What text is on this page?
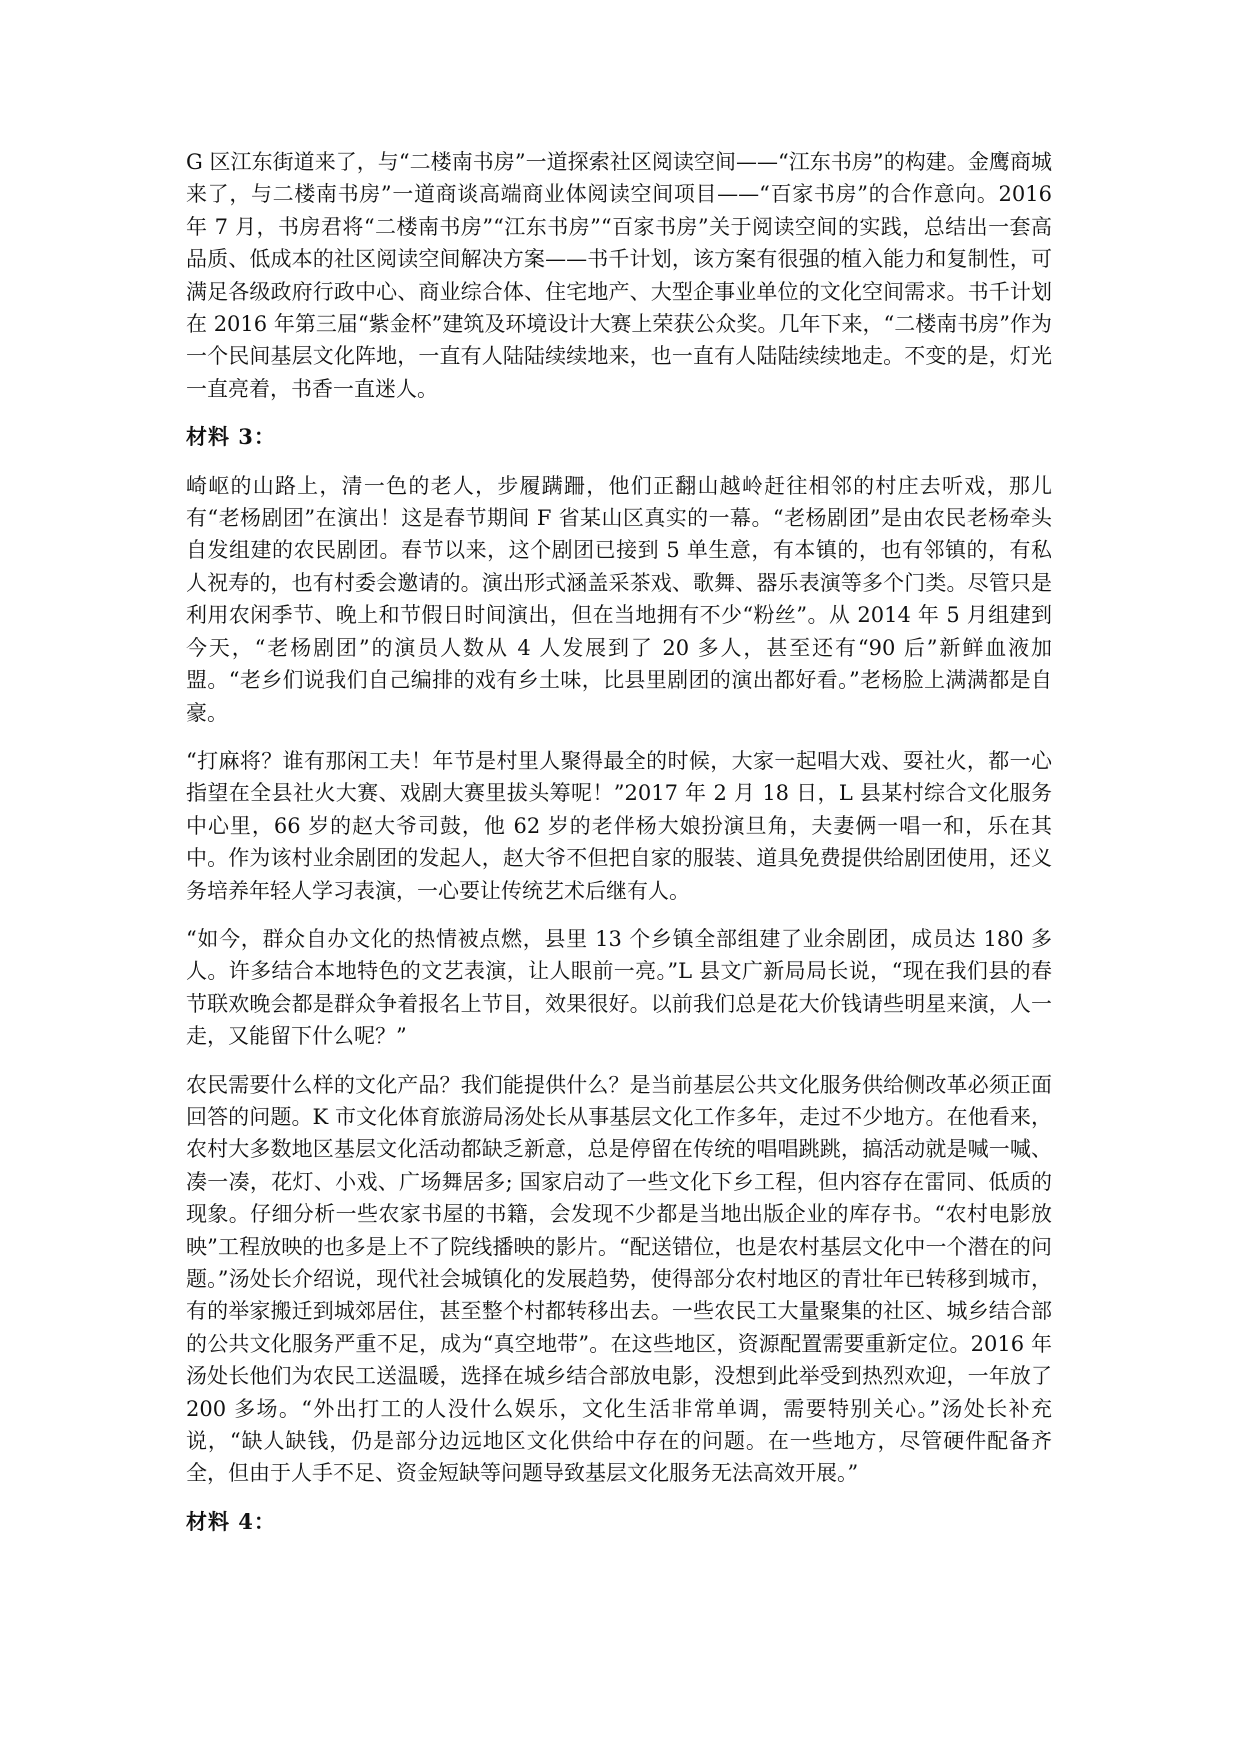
G 区江东街道来了，与“二楼南书房”一道探索社区阅读空间——“江东书房”的构建。金鹰商城来了，与二楼南书房”一道商谈高端商业体阅读空间项目——“百家书房”的合作意向。2016 年 7 月，书房君将“二楼南书房”“江东书房”“百家书房”关于阅读空间的实践，总结出一套高品质、低成本的社区阅读空间解决方案——书千计划，该方案有很强的植入能力和复制性，可满足各级政府行政中心、商业综合体、住宅地产、大型企事业单位的文化空间需求。书千计划在 2016 年第三届“紫金杯”建筑及环境设计大赛上荣获公众奖。几年下来，“二楼南书房”作为一个民间基层文化阵地，一直有人陆陆续续地来，也一直有人陆陆续续地走。不变的是，灯光一直亮着，书香一直迷人。

材料 3：

崎岖的山路上，清一色的老人，步履蹒跚，他们正翻山越岭赶往相邻的村庄去听戏，那儿有“老杨剧团”在演出！这是春节期间 F 省某山区真实的一幕。“老杨剧团”是由农民老杨牵头自发组建的农民剧团。春节以来，这个剧团已接到 5 单生意，有本镇的，也有邻镇的，有私人祝寿的，也有村委会邀请的。演出形式涵盖采茶戏、歌舞、器乐表演等多个门类。尽管只是利用农闲季节、晚上和节假日时间演出，但在当地拥有不少“粉丝”。从 2014 年 5 月组建到今天，“老杨剧团”的演员人数从 4 人发展到了 20 多人，甚至还有“90 后”新鲜血液加盟。“老乡们说我们自己编排的戏有乡土味，比县里剧团的演出都好看。”老杨脸上满满都是自豪。

“打麻将？谁有那闲工夫！年节是村里人聚得最全的时候，大家一起唱大戏、耍社火，都一心指望在全县社火大赛、戏剧大赛里拔头筹呢！”2017 年 2 月 18 日，L 县某村综合文化服务中心里，66 岁的赵大爷司鼓，他 62 岁的老伴杨大娘扮演旦角，夫妻俩一唱一和，乐在其中。作为该村业余剧团的发起人，赵大爷不但把自家的服装、道具免费提供给剧团使用，还义务培养年轻人学习表演，一心要让传统艺术后继有人。

“如今，群众自办文化的热情被点燃，县里 13 个乡镇全部组建了业余剧团，成员达 180 多人。许多结合本地特色的文艺表演，让人眼前一亮。”L 县文广新局局长说，“现在我们县的春节联欢晚会都是群众争着报名上节目，效果很好。以前我们总是花大价钱请些明星来演，人一走，又能留下什么呢？”

农民需要什么样的文化产品？我们能提供什么？是当前基层公共文化服务供给侧改革必须正面回答的问题。K 市文化体育旅游局汤处长从事基层文化工作多年，走过不少地方。在他看来，农村大多数地区基层文化活动都缺乏新意，总是停留在传统的唱唱跳跳，搞活动就是喊一喊、凑一凑，花灯、小戏、广场舞居多; 国家启动了一些文化下乡工程，但内容存在雷同、低质的现象。仔细分析一些农家书屋的书籍，会发现不少都是当地出版企业的库存书。“农村电影放映”工程放映的也多是上不了院线播映的影片。“配送错位，也是农村基层文化中一个潜在的问题。”汤处长介绍说，现代社会城镇化的发展趋势，使得部分农村地区的青壮年已转移到城市，有的举家搬迁到城郊居住，甚至整个村都转移出去。一些农民工大量聚集的社区、城乡结合部的公共文化服务严重不足，成为“真空地带”。在这些地区，资源配置需要重新定位。2016 年汤处长他们为农民工送温暖，选择在城乡结合部放电影，没想到此举受到热烈欢迎，一年放了 200 多场。“外出打工的人没什么娱乐，文化生活非常单调，需要特别关心。”汤处长补充说，“缺人缺钱，仍是部分边远地区文化供给中存在的问题。在一些地方，尽管硬件配备齐全，但由于人手不足、资金短缺等问题导致基层文化服务无法高效开展。”

材料 4：
